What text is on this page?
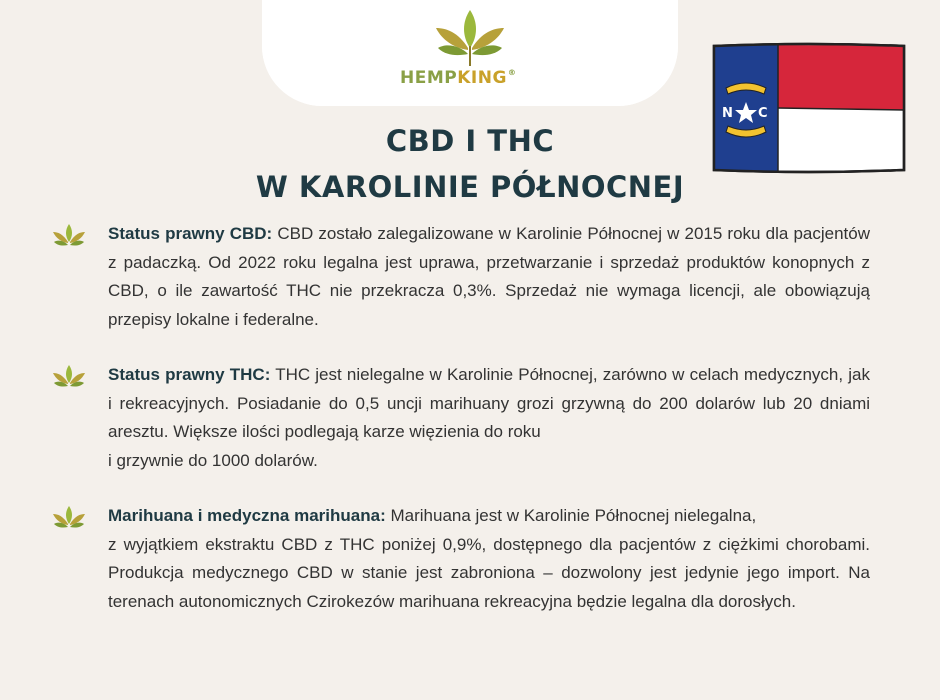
HEMPKING®
CBD I THC
W KAROLINIE PÓŁNOCNEJ
N C
Status prawny CBD: CBD zostało zalegalizowane w Karolinie Północnej w 2015 roku dla pacjentów z padaczką. Od 2022 roku legalna jest uprawa, przetwarzanie i sprzedaż produktów konopnych z CBD, o ile zawartość THC nie przekracza 0,3%. Sprzedaż nie wymaga licencji, ale obowiązują przepisy lokalne i federalne.
Status prawny THC: THC jest nielegalne w Karolinie Północnej, zarówno w celach medycznych, jak i rekreacyjnych. Posiadanie do 0,5 uncji marihuany grozi grzywną do 200 dolarów lub 20 dniami aresztu. Większe ilości podlegają karze więzienia do roku
i grzywnie do 1000 dolarów.
Marihuana i medyczna marihuana: Marihuana jest w Karolinie Północnej nielegalna,
z wyjątkiem ekstraktu CBD z THC poniżej 0,9%, dostępnego dla pacjentów z ciężkimi chorobami. Produkcja medycznego CBD w stanie jest zabroniona – dozwolony jest jedynie jego import. Na terenach autonomicznych Czirokezów marihuana rekreacyjna będzie legalna dla dorosłych.
